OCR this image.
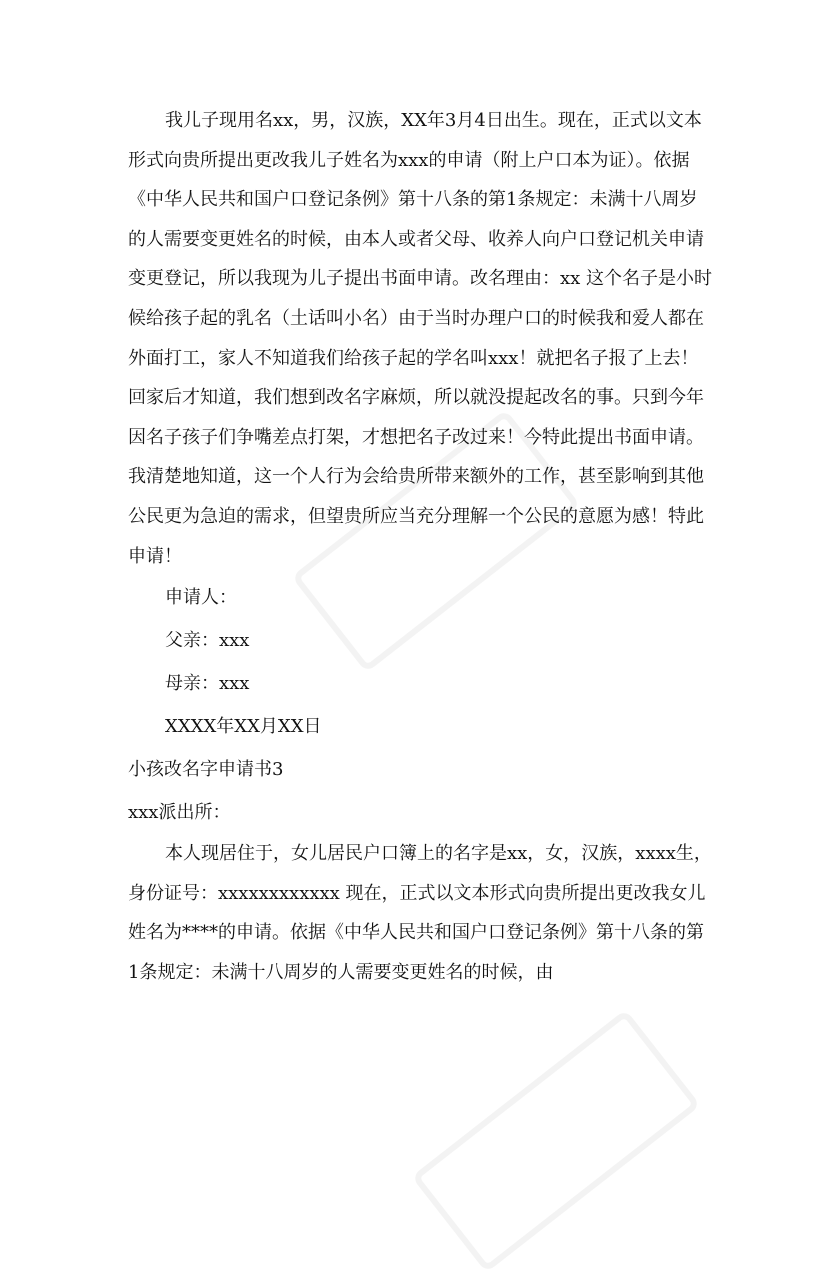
我儿子现用名xx，男，汉族，XX年3月4日出生。现在，正式以文本形式向贵所提出更改我儿子姓名为xxx的申请（附上户口本为证）。依据《中华人民共和国户口登记条例》第十八条的第1条规定：未满十八周岁的人需要变更姓名的时候，由本人或者父母、收养人向户口登记机关申请变更登记，所以我现为儿子提出书面申请。改名理由：xx 这个名子是小时候给孩子起的乳名（土话叫小名）由于当时办理户口的时候我和爱人都在外面打工，家人不知道我们给孩子起的学名叫xxx！就把名子报了上去！回家后才知道，我们想到改名字麻烦，所以就没提起改名的事。只到今年因名子孩子们争嘴差点打架，才想把名子改过来！今特此提出书面申请。我清楚地知道，这一个人行为会给贵所带来额外的工作，甚至影响到其他公民更为急迫的需求，但望贵所应当充分理解一个公民的意愿为感！特此申请！

申请人：

父亲：xxx

母亲：xxx

XXXX年XX月XX日

小孩改名字申请书3

xxx派出所：

本人现居住于，女儿居民户口簿上的名字是xx，女，汉族，xxxx生，身份证号：xxxxxxxxxxxx 现在，正式以文本形式向贵所提出更改我女儿姓名为****的申请。依据《中华人民共和国户口登记条例》第十八条的第1条规定：未满十八周岁的人需要变更姓名的时候，由
